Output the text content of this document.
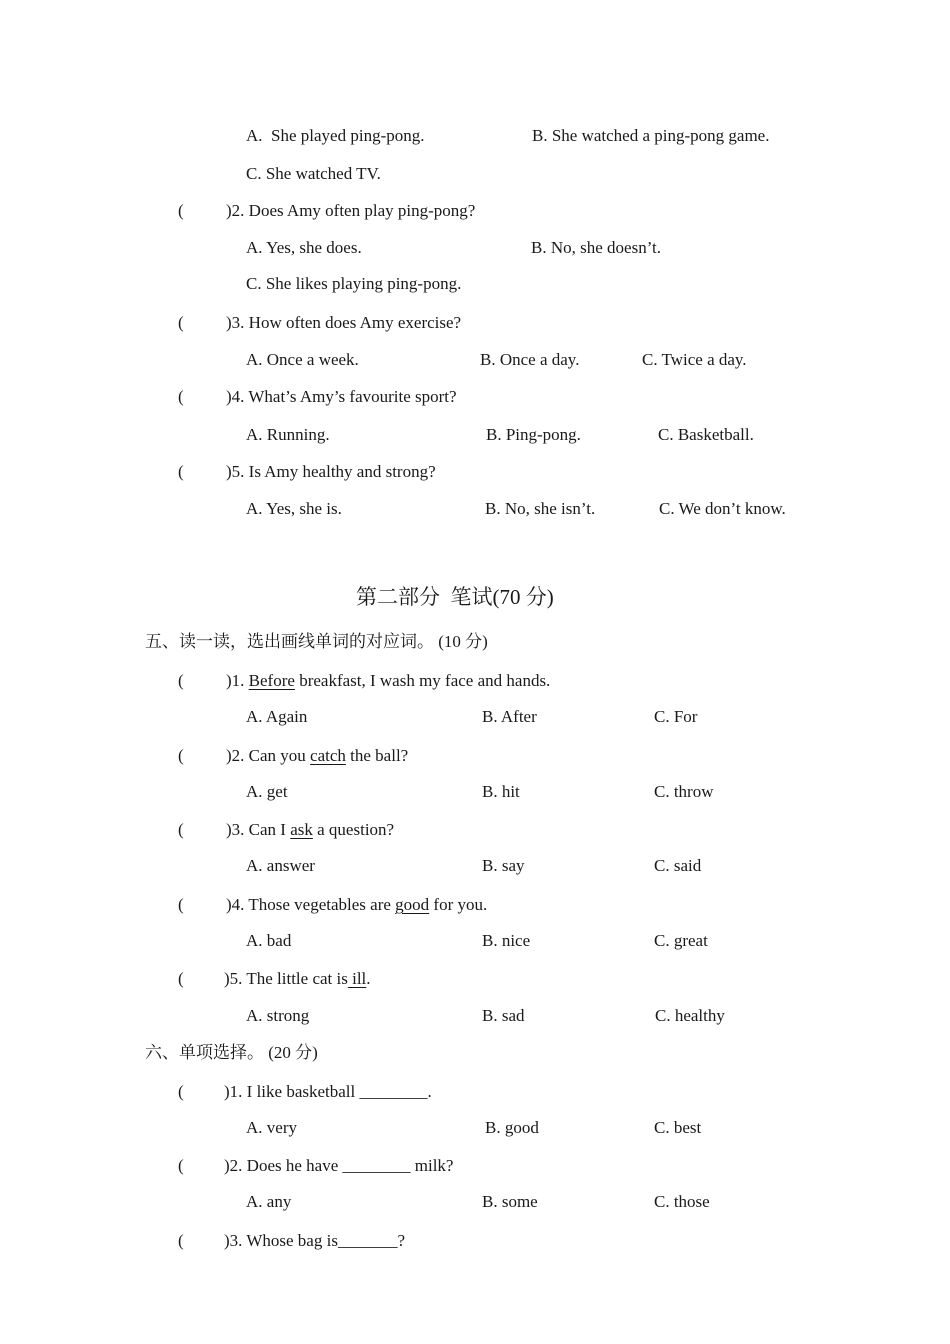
A.  She played ping-pong.	B. She watched a ping-pong game.
C. She watched TV.
( )2. Does Amy often play ping-pong?
A. Yes, she does.	B. No, she doesn’t.
C. She likes playing ping-pong.
( )3. How often does Amy exercise?
A. Once a week.	B. Once a day.	C. Twice a day.
( )4. What’s Amy’s favourite sport?
A. Running.	B. Ping-pong.	C. Basketball.
( )5. Is Amy healthy and strong?
A. Yes, she is.	B. No, she isn’t.	C. We don’t know.
第二部分  笔试(70 分)
五、读一读，选出画线单词的对应词。 (10 分)
( )1. Before breakfast, I wash my face and hands.
A. Again	B. After	C. For
( )2. Can you catch the ball?
A. get	B. hit	C. throw
( )3. Can I ask a question?
A. answer	B. say	C. said
( )4. Those vegetables are good for you.
A. bad	B. nice	C. great
( )5. The little cat is ill.
A. strong	B. sad	C. healthy
六、单项选择。 (20 分)
( )1. I like basketball ________.
A. very	B. good	C. best
( )2. Does he have ________ milk?
A. any	B. some	C. those
( )3. Whose bag is_______?
